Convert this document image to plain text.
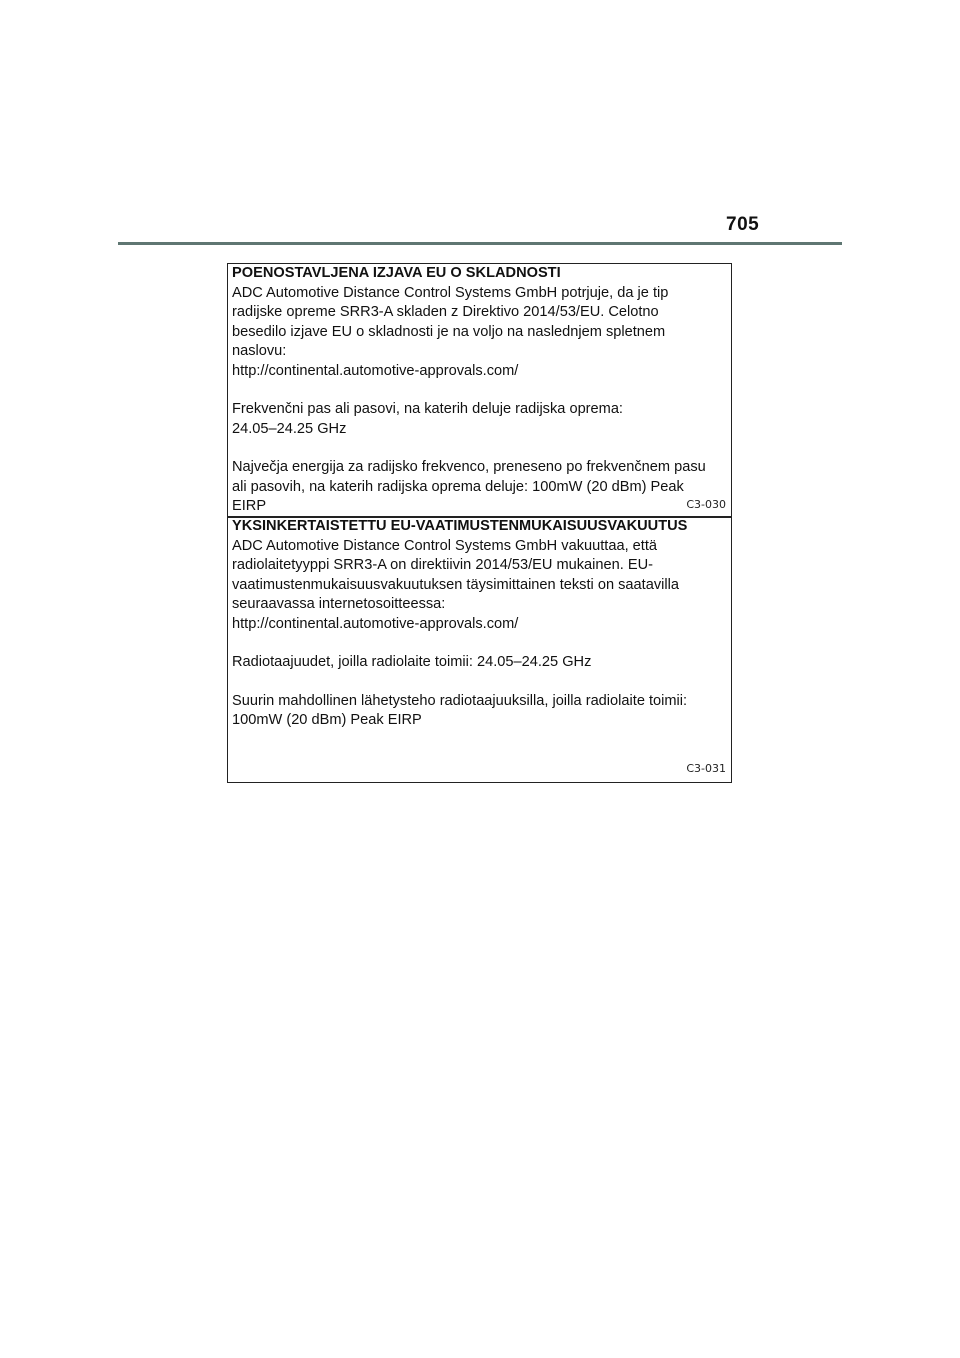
705
POENOSTAVLJENA IZJAVA EU O SKLADNOSTI
ADC Automotive Distance Control Systems GmbH potrjuje, da je tip
radijske opreme SRR3-A skladen z Direktivo 2014/53/EU. Celotno
besedilo izjave EU o skladnosti je na voljo na naslednjem spletnem
naslovu:
http://continental.automotive-approvals.com/
Frekvenčni pas ali pasovi, na katerih deluje radijska oprema:
24.05–24.25 GHz
Največja energija za radijsko frekvenco, preneseno po frekvenčnem pasu
ali pasovih, na katerih radijska oprema deluje: 100mW (20 dBm) Peak
EIRP	C3-030
YKSINKERTAISTETTU EU-VAATIMUSTENMUKAISUUSVAKUUTUS
ADC Automotive Distance Control Systems GmbH vakuuttaa, että
radiolaitetyyppi SRR3-A on direktiivin 2014/53/EU mukainen. EU-
vaatimustenmukaisuusvakuutuksen täysimittainen teksti on saatavilla
seuraavassa internetosoitteessa:
http://continental.automotive-approvals.com/
Radiotaajuudet, joilla radiolaite toimii: 24.05–24.25 GHz
Suurin mahdollinen lähetysteho radiotaajuuksilla, joilla radiolaite toimii:
100mW (20 dBm) Peak EIRP
C3-031
